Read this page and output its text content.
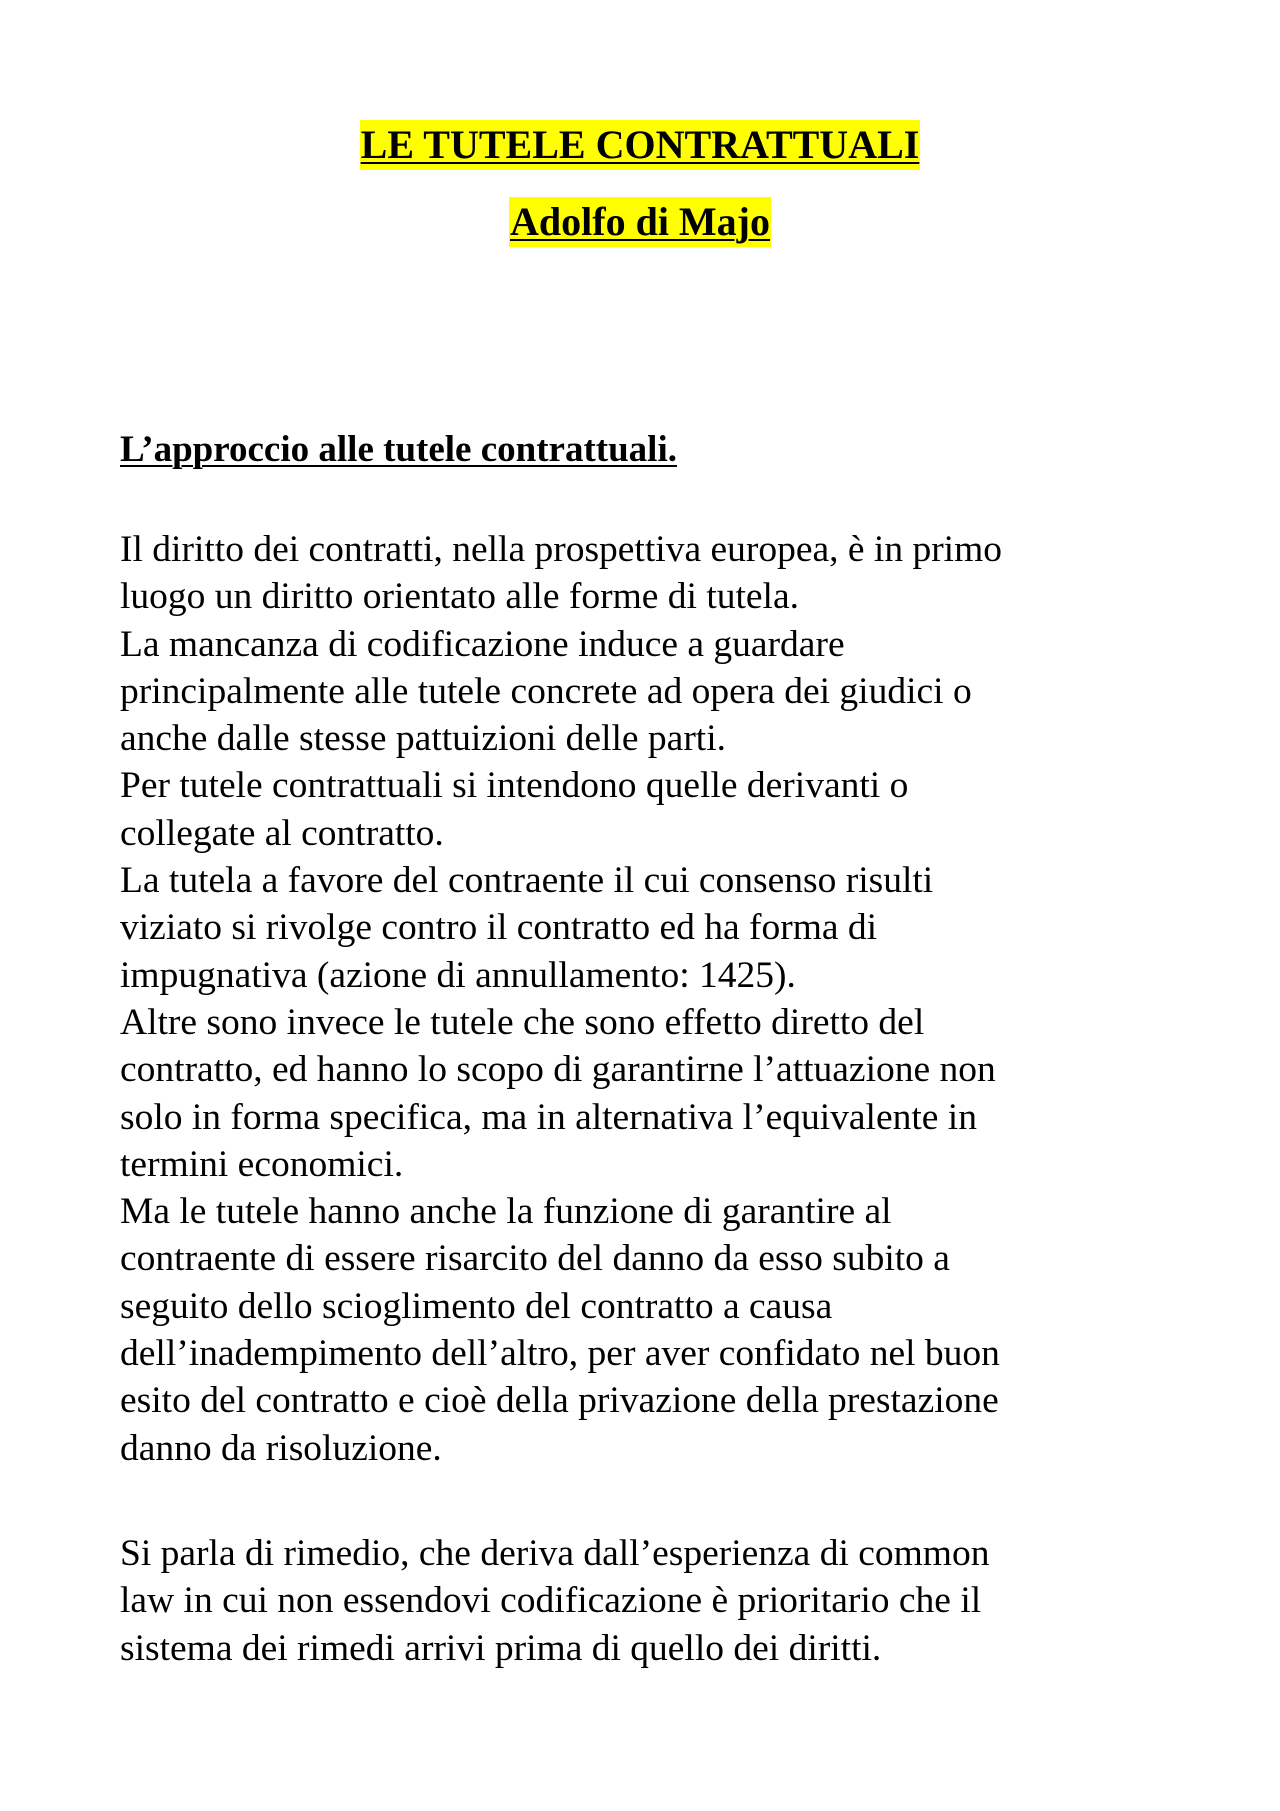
LE TUTELE CONTRATTUALI
Adolfo di Majo
L’approccio alle tutele contrattuali.

Il diritto dei contratti, nella prospettiva europea, è in primo
luogo un diritto orientato alle forme di tutela.
La mancanza di codificazione induce a guardare
principalmente alle tutele concrete ad opera dei giudici o
anche dalle stesse pattuizioni delle parti.
Per tutele contrattuali si intendono quelle derivanti o
collegate al contratto.
La tutela a favore del contraente il cui consenso risulti
viziato si rivolge contro il contratto ed ha forma di
impugnativa (azione di annullamento: 1425).
Altre sono invece le tutele che sono effetto diretto del
contratto, ed hanno lo scopo di garantirne l’attuazione non
solo in forma specifica, ma in alternativa l’equivalente in
termini economici.
Ma le tutele hanno anche la funzione di garantire al
contraente di essere risarcito del danno da esso subito a
seguito dello scioglimento del contratto a causa
dell’inadempimento dell’altro, per aver confidato nel buon
esito del contratto e cioè della privazione della prestazione
danno da risoluzione.

Si parla di rimedio, che deriva dall’esperienza di common
law in cui non essendovi codificazione è prioritario che il
sistema dei rimedi arrivi prima di quello dei diritti.
